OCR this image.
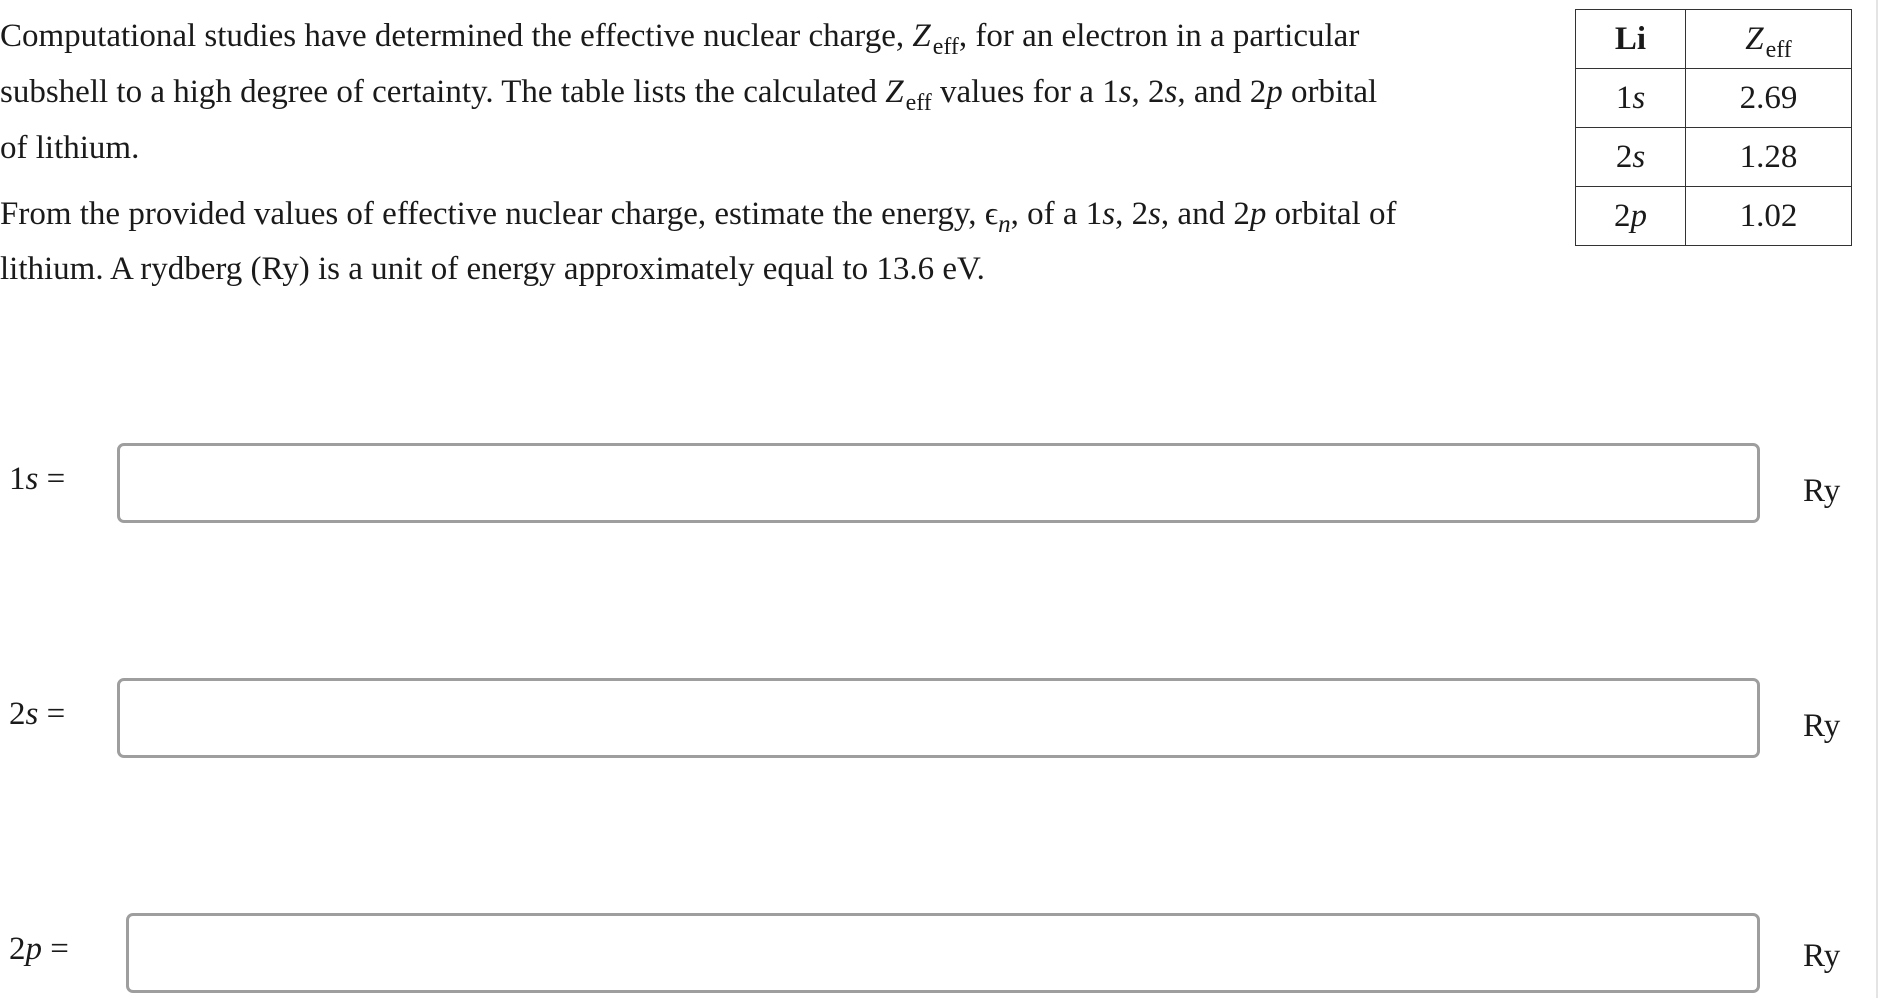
Computational studies have determined the effective nuclear charge, $Z_{eff}$, for an electron in a particular
subshell to a high degree of certainty. The table lists the calculated $Z_{eff}$ values for a 1s, 2s, and 2p orbital
of lithium.

From the provided values of effective nuclear charge, estimate the energy, $\epsilon_n$, of a 1s, 2s, and 2p orbital of
lithium. A rydberg (Ry) is a unit of energy approximately equal to 13.6 eV.

Li	$Z_{eff}$
1s	2.69
2s	1.28
2p	1.02
1s =	Ry
2s =	Ry
2p =	Ry
